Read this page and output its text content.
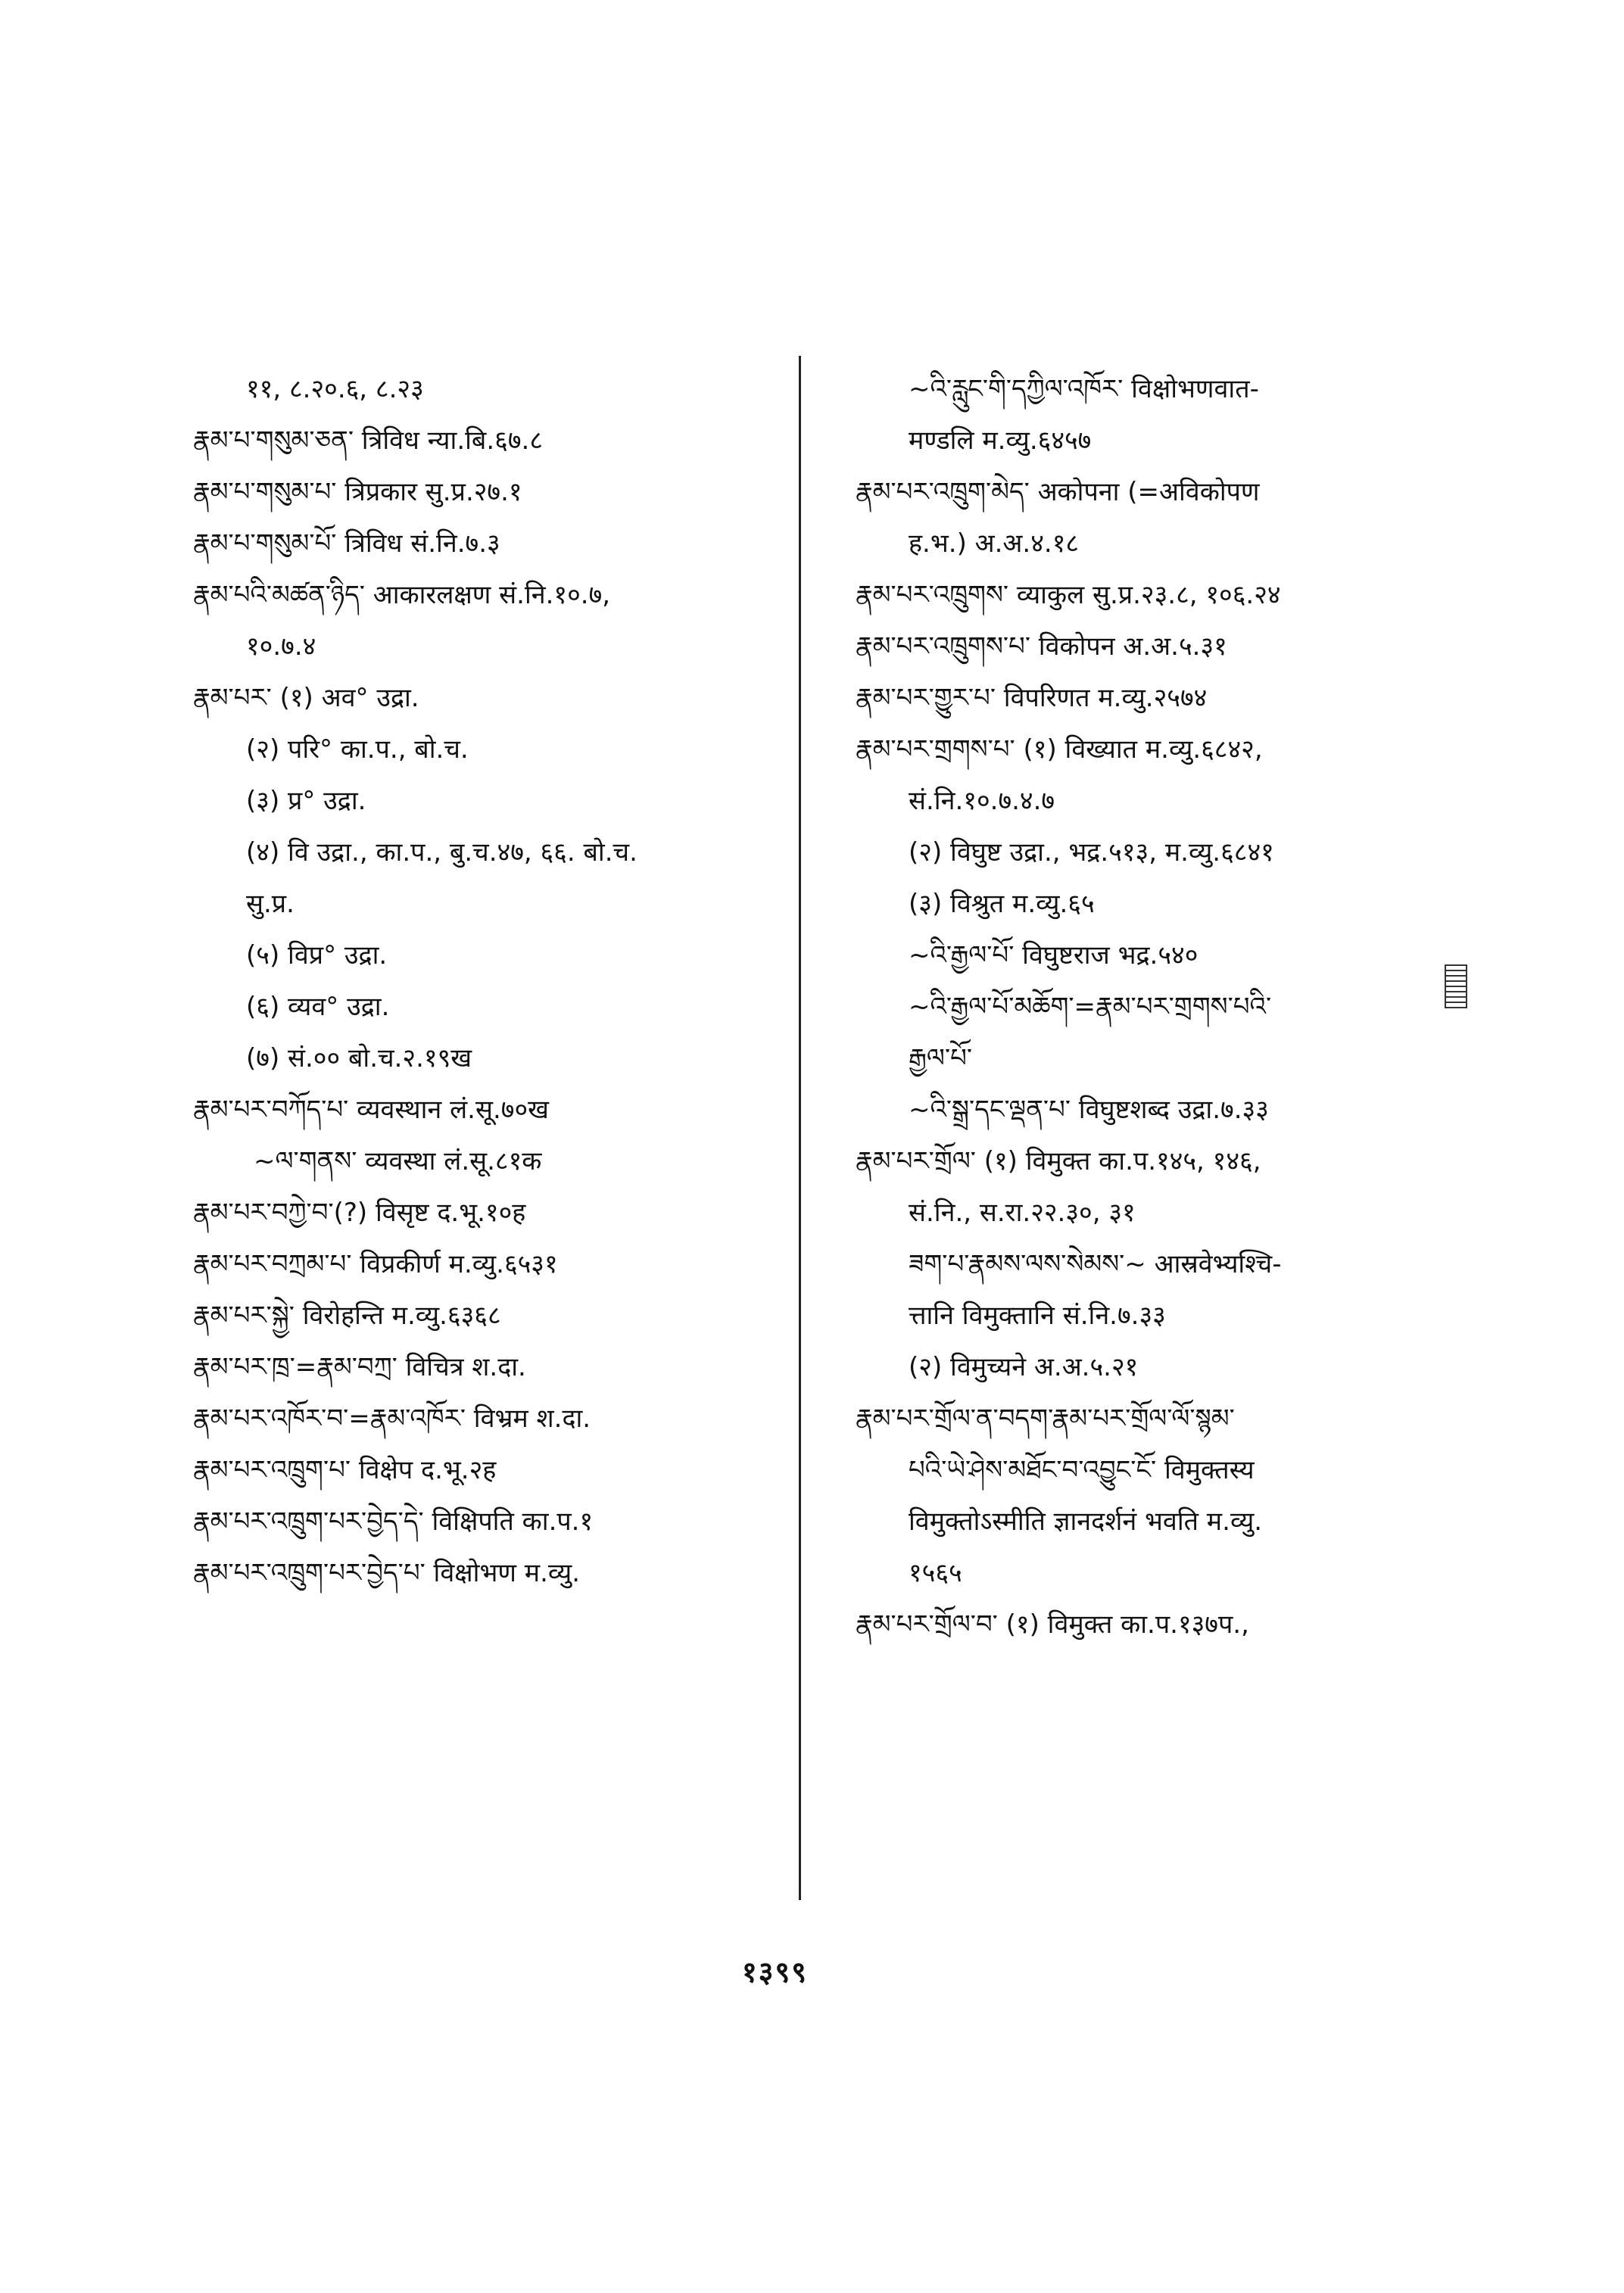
११, ८.२०.६, ८.२३
རྣམ་པ་གསུམ་ཅན་ त्रिविध न्या.बि.६७.८
རྣམ་པ་གསུམ་པ་ त्रिप्रकार सु.प्र.२७.१
རྣམ་པ་གསུམ་པོ་ त्रिविध सं.नि.७.३
རྣམ་པའི་མཚན་ཉིད་ आकारलक्षण सं.नि.१०.७,
१०.७.४
རྣམ་པར་ (१) अव° उद्रा.
(२) परि° का.प., बो.च.
(३) प्र° उद्रा.
(४) वि उद्रा., का.प., बु.च.४७, ६६. बो.च.
सु.प्र.
(५) विप्र° उद्रा.
(६) व्यव° उद्रा.
(७) सं.०० बो.च.२.१९ख
རྣམ་པར་བཀོད་པ་ व्यवस्थान लं.सू.७०ख
~ལ་གནས་ व्यवस्था लं.सू.८१क
རྣམ་པར་བཀྱེ་བ་(?) विसृष्ट द.भू.१०ह
རྣམ་པར་བཀྲམ་པ་ विप्रकीर्ण म.व्यु.६५३१
རྣམ་པར་སྐྱེ་ विरोहन्ति म.व्यु.६३६८
རྣམ་པར་ཁྲ་=རྣམ་བཀྲ་ विचित्र श.दा.
རྣམ་པར་འཁོར་བ་=རྣམ་འཁོར་ विभ्रम श.दा.
རྣམ་པར་འཁྲུག་པ་ विक्षेप द.भू.२ह
རྣམ་པར་འཁྲུག་པར་བྱེད་དེ་ विक्षिपति का.प.१
རྣམ་པར་འཁྲུག་པར་བྱེད་པ་ विक्षोभण म.व्यु.
~འི་རླུང་གི་དཀྱིལ་འཁོར་ विक्षोभणवात-
मण्डलि म.व्यु.६४५७
རྣམ་པར་འཁྲུག་མེད་ अकोपना (=अविकोपण
ह.भ.) अ.अ.४.१८
རྣམ་པར་འཁྲུགས་ व्याकुल सु.प्र.२३.८, १०६.२४
རྣམ་པར་འཁྲུགས་པ་ विकोपन अ.अ.५.३१
རྣམ་པར་གྱུར་པ་ विपरिणत म.व्यु.२५७४
རྣམ་པར་གྲགས་པ་ (१) विख्यात म.व्यु.६८४२,
सं.नि.१०.७.४.७
(२) विघुष्ट उद्रा., भद्र.५१३, म.व्यु.६८४१
(३) विश्रुत म.व्यु.६५
~འི་རྒྱལ་པོ་ विघुष्टराज भद्र.५४०
~འི་རྒྱལ་པོ་མཆོག་=རྣམ་པར་གྲགས་པའི་
རྒྱལ་པོ་
~འི་སྒྲ་དང་ལྡན་པ་ विघुष्टशब्द उद्रा.७.३३
རྣམ་པར་གྲོལ་ (१) विमुक्त का.प.१४५, १४६,
सं.नि., स.रा.२२.३०, ३१
ཟག་པ་རྣམས་ལས་སེམས་~ आस्रवेभ्यश्चि-
त्तानि विमुक्तानि सं.नि.७.३३
(२) विमुच्यने अ.अ.५.२१
རྣམ་པར་གྲོལ་ན་བདག་རྣམ་པར་གྲོལ་ལོ་སྙམ་
པའི་ཡེ་ཤེས་མཐོང་བ་འབྱུང་ངོ་ विमुक्तस्य
विमुक्तोऽस्मीति ज्ञानदर्शनं भवति म.व्यु.
१५६५
རྣམ་པར་གྲོལ་བ་ (१) विमुक्त का.प.१३७प.,
१३९९
